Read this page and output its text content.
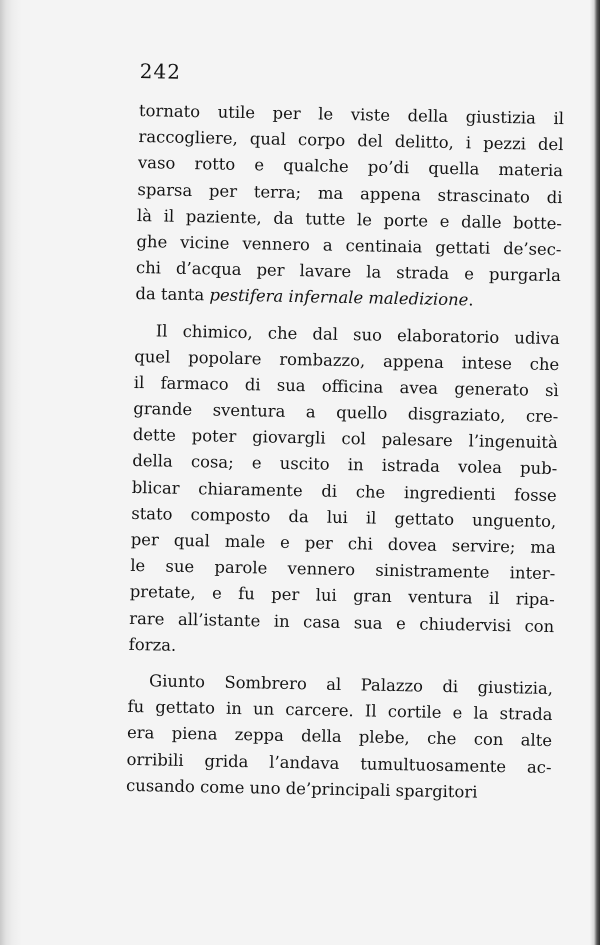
242
tornato utile per le viste della giustizia il
raccogliere, qual corpo del delitto, i pezzi del
vaso rotto e qualche po’di quella materia
sparsa per terra; ma appena strascinato di
là il paziente, da tutte le porte e dalle botte-
ghe vicine vennero a centinaia gettati de’sec-
chi d’acqua per lavare la strada e purgarla
da tanta pestifera infernale maledizione.
Il chimico, che dal suo elaboratorio udiva
quel popolare rombazzo, appena intese che
il farmaco di sua officina avea generato sì
grande sventura a quello disgraziato, cre-
dette poter giovargli col palesare l’ingenuità
della cosa; e uscito in istrada volea pub-
blicar chiaramente di che ingredienti fosse
stato composto da lui il gettato unguento,
per qual male e per chi dovea servire; ma
le sue parole vennero sinistramente inter-
pretate, e fu per lui gran ventura il ripa-
rare all’istante in casa sua e chiudervisi con
forza.
Giunto Sombrero al Palazzo di giustizia,
fu gettato in un carcere. Il cortile e la strada
era piena zeppa della plebe, che con alte
orribili grida l’andava tumultuosamente ac-
cusando come uno de’principali spargitori
